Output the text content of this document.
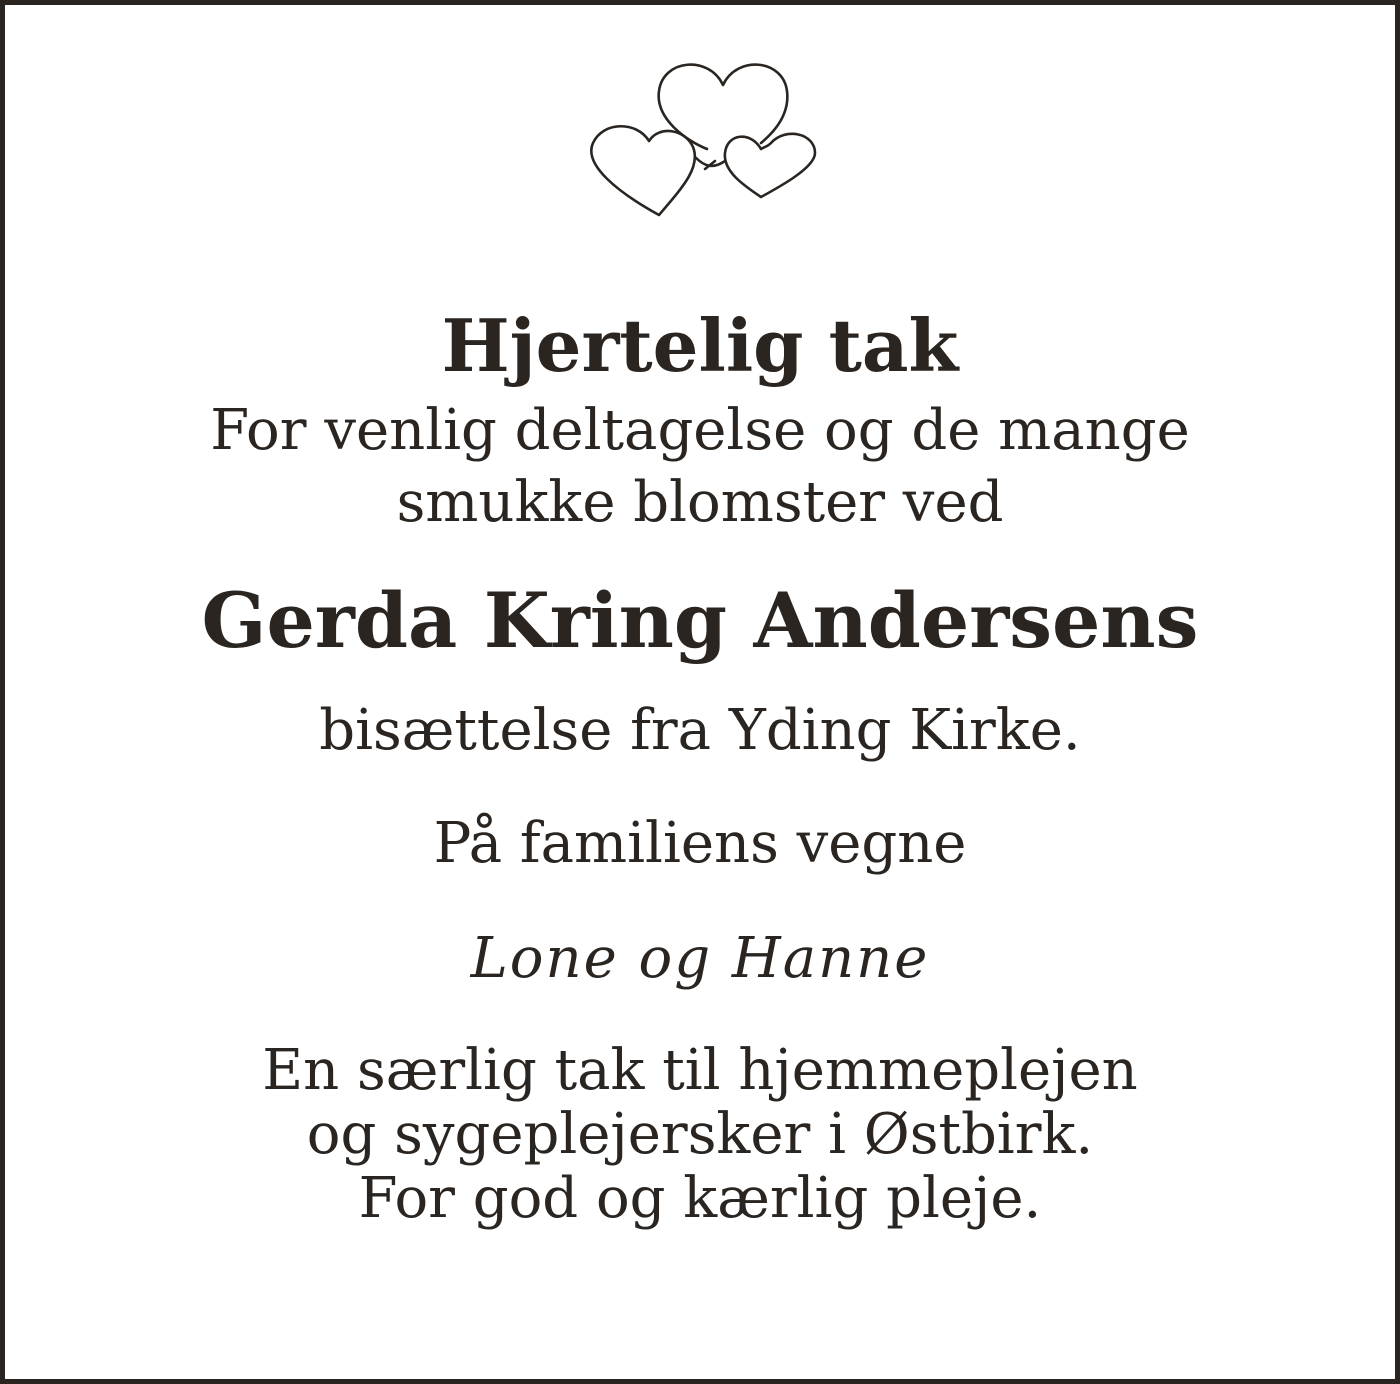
Hjertelig tak
For venlig deltagelse og de mange
smukke blomster ved
Gerda Kring Andersens
bisættelse fra Yding Kirke.
På familiens vegne
Lone og Hanne
En særlig tak til hjemmeplejen
og sygeplejersker i Østbirk.
For god og kærlig pleje.
